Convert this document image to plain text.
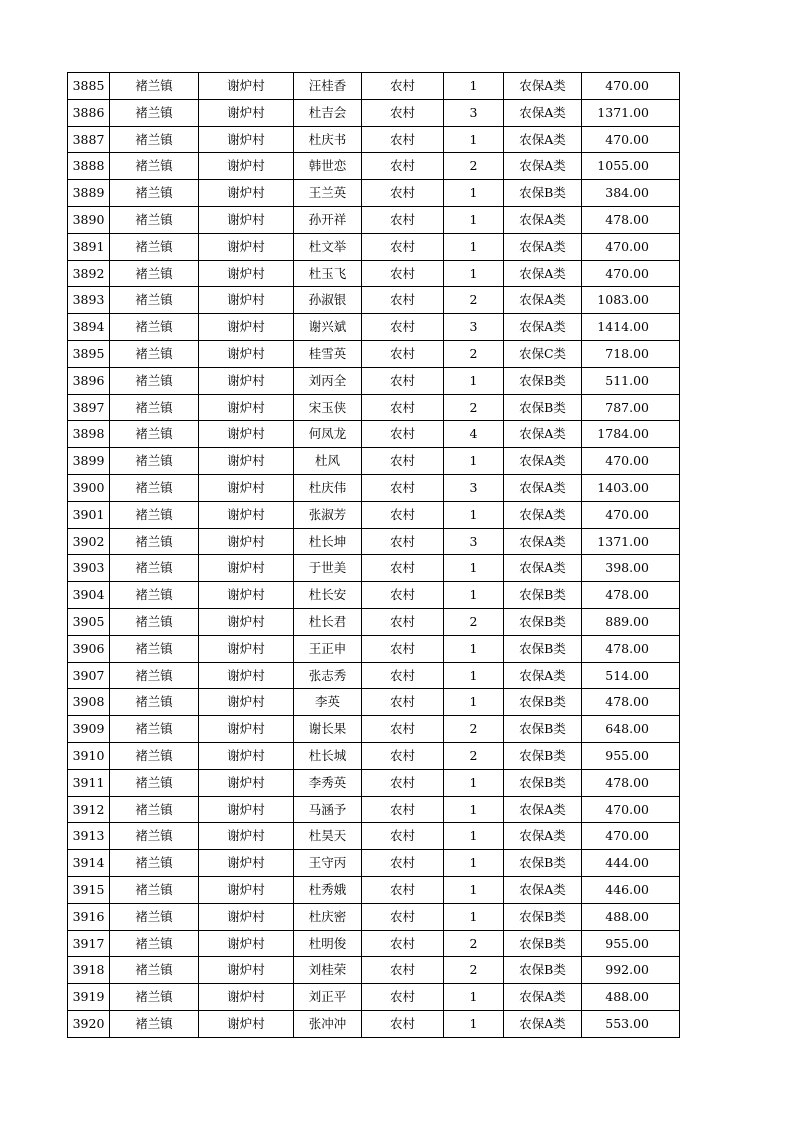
3885	褚兰镇	谢炉村	汪桂香	农村	1	农保A类	470.00
3886	褚兰镇	谢炉村	杜吉会	农村	3	农保A类	1371.00
3887	褚兰镇	谢炉村	杜庆书	农村	1	农保A类	470.00
3888	褚兰镇	谢炉村	韩世恋	农村	2	农保A类	1055.00
3889	褚兰镇	谢炉村	王兰英	农村	1	农保B类	384.00
3890	褚兰镇	谢炉村	孙开祥	农村	1	农保A类	478.00
3891	褚兰镇	谢炉村	杜文举	农村	1	农保A类	470.00
3892	褚兰镇	谢炉村	杜玉飞	农村	1	农保A类	470.00
3893	褚兰镇	谢炉村	孙淑银	农村	2	农保A类	1083.00
3894	褚兰镇	谢炉村	谢兴斌	农村	3	农保A类	1414.00
3895	褚兰镇	谢炉村	桂雪英	农村	2	农保C类	718.00
3896	褚兰镇	谢炉村	刘丙全	农村	1	农保B类	511.00
3897	褚兰镇	谢炉村	宋玉侠	农村	2	农保B类	787.00
3898	褚兰镇	谢炉村	何凤龙	农村	4	农保A类	1784.00
3899	褚兰镇	谢炉村	杜风	农村	1	农保A类	470.00
3900	褚兰镇	谢炉村	杜庆伟	农村	3	农保A类	1403.00
3901	褚兰镇	谢炉村	张淑芳	农村	1	农保A类	470.00
3902	褚兰镇	谢炉村	杜长坤	农村	3	农保A类	1371.00
3903	褚兰镇	谢炉村	于世美	农村	1	农保A类	398.00
3904	褚兰镇	谢炉村	杜长安	农村	1	农保B类	478.00
3905	褚兰镇	谢炉村	杜长君	农村	2	农保B类	889.00
3906	褚兰镇	谢炉村	王正申	农村	1	农保B类	478.00
3907	褚兰镇	谢炉村	张志秀	农村	1	农保A类	514.00
3908	褚兰镇	谢炉村	李英	农村	1	农保B类	478.00
3909	褚兰镇	谢炉村	谢长果	农村	2	农保B类	648.00
3910	褚兰镇	谢炉村	杜长城	农村	2	农保B类	955.00
3911	褚兰镇	谢炉村	李秀英	农村	1	农保B类	478.00
3912	褚兰镇	谢炉村	马涵予	农村	1	农保A类	470.00
3913	褚兰镇	谢炉村	杜昊天	农村	1	农保A类	470.00
3914	褚兰镇	谢炉村	王守丙	农村	1	农保B类	444.00
3915	褚兰镇	谢炉村	杜秀娥	农村	1	农保A类	446.00
3916	褚兰镇	谢炉村	杜庆密	农村	1	农保B类	488.00
3917	褚兰镇	谢炉村	杜明俊	农村	2	农保B类	955.00
3918	褚兰镇	谢炉村	刘桂荣	农村	2	农保B类	992.00
3919	褚兰镇	谢炉村	刘正平	农村	1	农保A类	488.00
3920	褚兰镇	谢炉村	张冲冲	农村	1	农保A类	553.00
